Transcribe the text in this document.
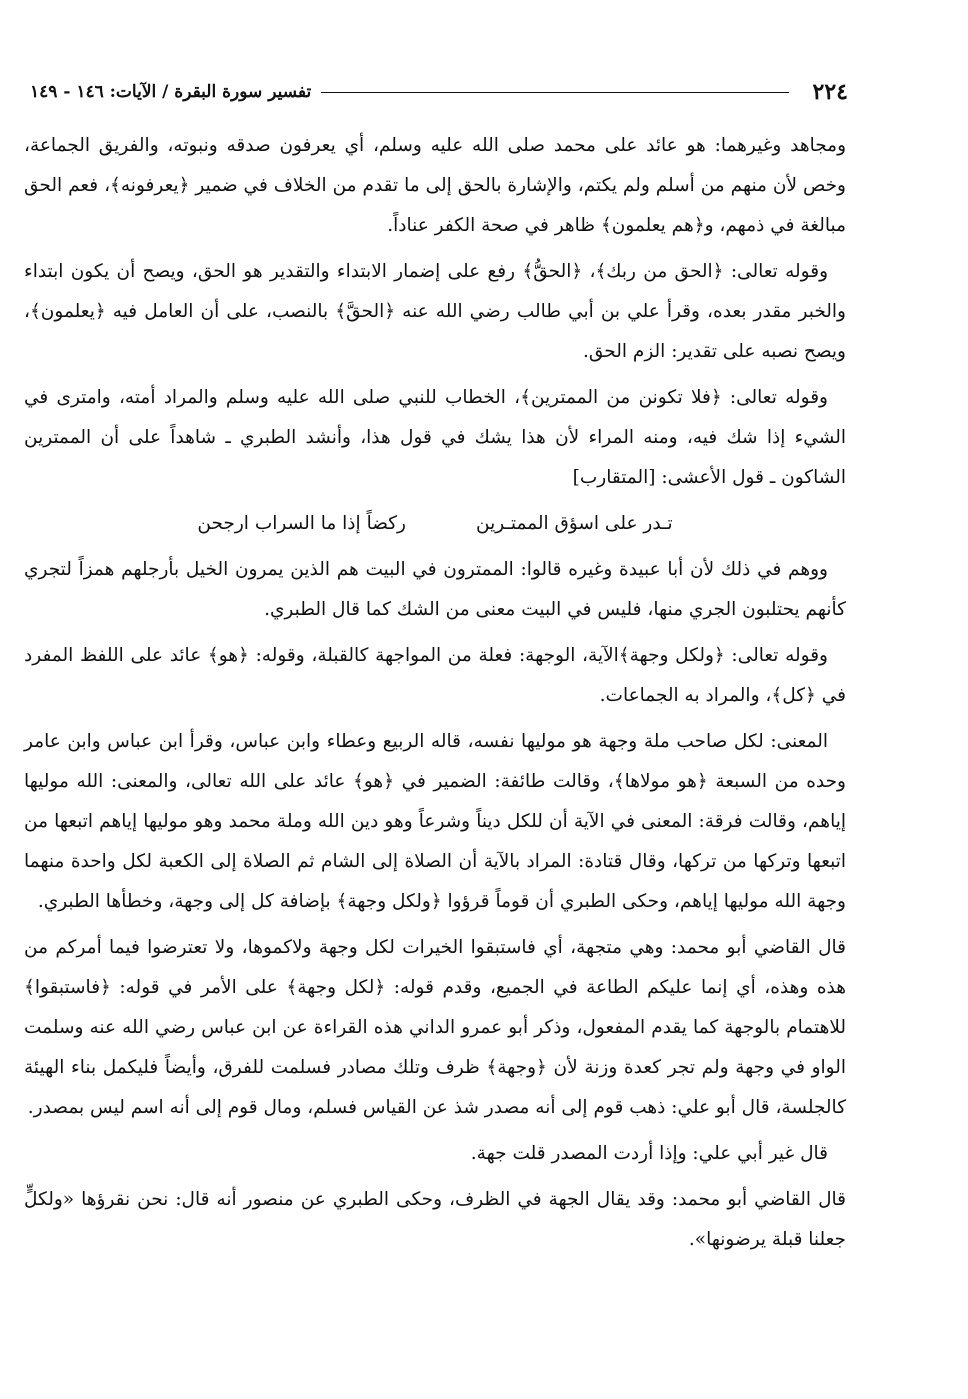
٢٢٤
تفسير سورة البقرة / الآيات: ١٤٦ - ١٤٩

ومجاهد وغيرهما: هو عائد على محمد صلى الله عليه وسلم، أي يعرفون صدقه ونبوته، والفريق الجماعة، وخص لأن منهم من أسلم ولم يكتم، والإشارة بالحق إلى ما تقدم من الخلاف في ضمير ﴿يعرفونه﴾، فعم الحق مبالغة في ذمهم، و﴿هم يعلمون﴾ ظاهر في صحة الكفر عناداً.

وقوله تعالى: ﴿الحق من ربك﴾، ﴿الحقُّ﴾ رفع على إضمار الابتداء والتقدير هو الحق، ويصح أن يكون ابتداء والخبر مقدر بعده، وقرأ علي بن أبي طالب رضي الله عنه ﴿الحقَّ﴾ بالنصب، على أن العامل فيه ﴿يعلمون﴾، ويصح نصبه على تقدير: الزم الحق.

وقوله تعالى: ﴿فلا تكونن من الممترين﴾، الخطاب للنبي صلى الله عليه وسلم والمراد أمته، وامترى في الشيء إذا شك فيه، ومنه المراء لأن هذا يشك في قول هذا، وأنشد الطبري ـ شاهداً على أن الممترين الشاكون ـ قول الأعشى: [المتقارب]

تـدر على اسؤق الممتـرين
ركضاً إذا ما السراب ارجحن

ووهم في ذلك لأن أبا عبيدة وغيره قالوا: الممترون في البيت هم الذين يمرون الخيل بأرجلهم همزاً لتجري كأنهم يحتلبون الجري منها، فليس في البيت معنى من الشك كما قال الطبري.

وقوله تعالى: ﴿ولكل وجهة﴾الآية، الوجهة: فعلة من المواجهة كالقبلة، وقوله: ﴿هو﴾ عائد على اللفظ المفرد في ﴿كل﴾، والمراد به الجماعات.

المعنى: لكل صاحب ملة وجهة هو موليها نفسه، قاله الربيع وعطاء وابن عباس، وقرأ ابن عباس وابن عامر وحده من السبعة ﴿هو مولاها﴾، وقالت طائفة: الضمير في ﴿هو﴾ عائد على الله تعالى، والمعنى: الله موليها إياهم، وقالت فرقة: المعنى في الآية أن للكل ديناً وشرعاً وهو دين الله وملة محمد وهو موليها إياهم اتبعها من اتبعها وتركها من تركها، وقال قتادة: المراد بالآية أن الصلاة إلى الشام ثم الصلاة إلى الكعبة لكل واحدة منهما وجهة الله موليها إياهم، وحكى الطبري أن قوماً قرؤوا ﴿ولكل وجهة﴾ بإضافة كل إلى وجهة، وخطأها الطبري.

قال القاضي أبو محمد: وهي متجهة، أي فاستبقوا الخيرات لكل وجهة ولاكموها، ولا تعترضوا فيما أمركم من هذه وهذه، أي إنما عليكم الطاعة في الجميع، وقدم قوله: ﴿لكل وجهة﴾ على الأمر في قوله: ﴿فاستبقوا﴾ للاهتمام بالوجهة كما يقدم المفعول، وذكر أبو عمرو الداني هذه القراءة عن ابن عباس رضي الله عنه وسلمت الواو في وجهة ولم تجر كعدة وزنة لأن ﴿وجهة﴾ ظرف وتلك مصادر فسلمت للفرق، وأيضاً فليكمل بناء الهيئة كالجلسة، قال أبو علي: ذهب قوم إلى أنه مصدر شذ عن القياس فسلم، ومال قوم إلى أنه اسم ليس بمصدر.

قال غير أبي علي: وإذا أردت المصدر قلت جهة.

قال القاضي أبو محمد: وقد يقال الجهة في الظرف، وحكى الطبري عن منصور أنه قال: نحن نقرؤها «ولكلٍّ جعلنا قبلة يرضونها».
